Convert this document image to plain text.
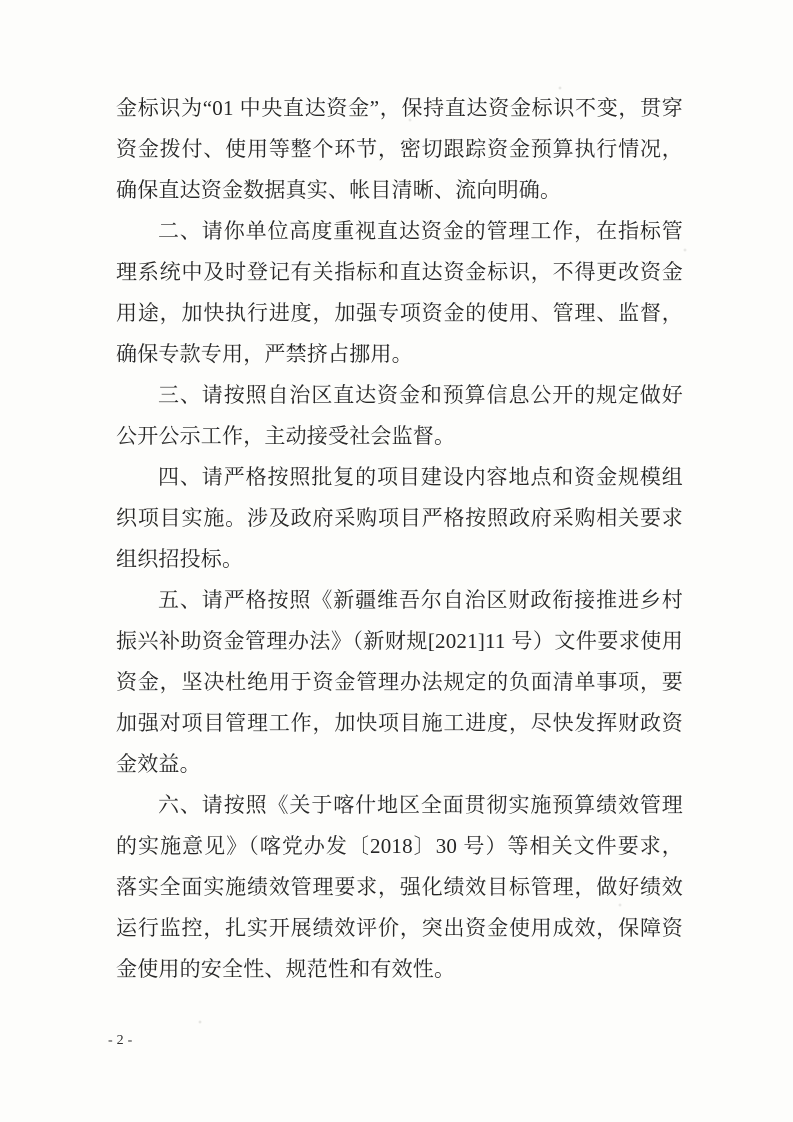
金标识为“01 中央直达资金”，保持直达资金标识不变，贯穿资金拨付、使用等整个环节，密切跟踪资金预算执行情况，确保直达资金数据真实、帐目清晰、流向明确。

二、请你单位高度重视直达资金的管理工作，在指标管理系统中及时登记有关指标和直达资金标识，不得更改资金用途，加快执行进度，加强专项资金的使用、管理、监督，确保专款专用，严禁挤占挪用。

三、请按照自治区直达资金和预算信息公开的规定做好公开公示工作，主动接受社会监督。

四、请严格按照批复的项目建设内容地点和资金规模组织项目实施。涉及政府采购项目严格按照政府采购相关要求组织招投标。

五、请严格按照《新疆维吾尔自治区财政衔接推进乡村振兴补助资金管理办法》（新财规[2021]11 号）文件要求使用资金，坚决杜绝用于资金管理办法规定的负面清单事项，要加强对项目管理工作，加快项目施工进度，尽快发挥财政资金效益。

六、请按照《关于喀什地区全面贯彻实施预算绩效管理的实施意见》（喀党办发〔2018〕30 号）等相关文件要求，落实全面实施绩效管理要求，强化绩效目标管理，做好绩效运行监控，扎实开展绩效评价，突出资金使用成效，保障资金使用的安全性、规范性和有效性。

-2-
